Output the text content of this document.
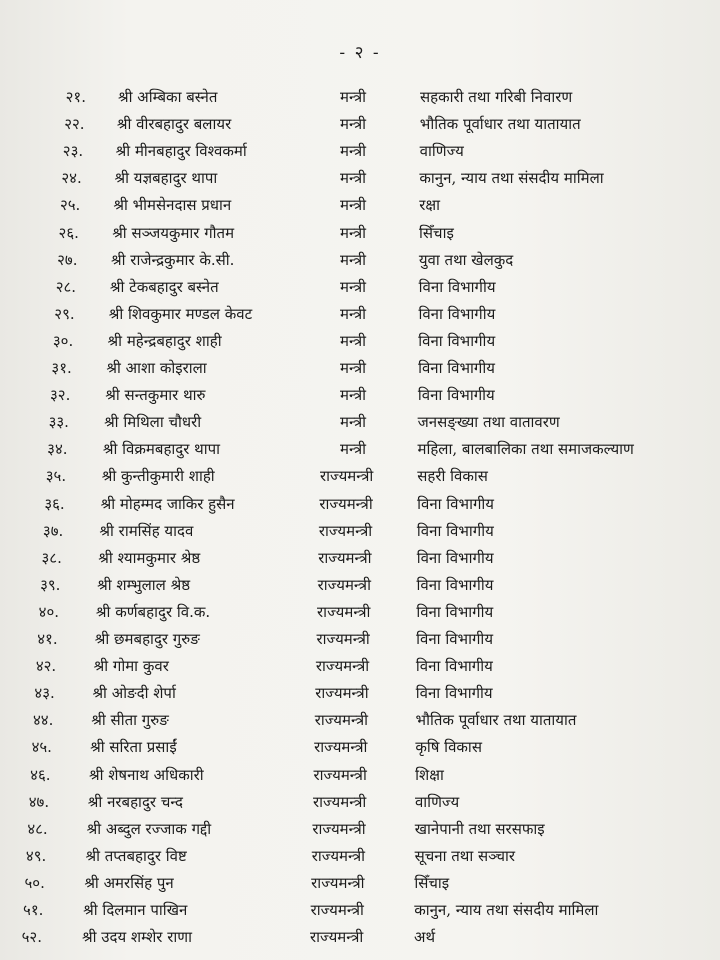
- २ -
२१. श्री अम्बिका बस्नेत	मन्त्री	सहकारी तथा गरिबी निवारण
२२. श्री वीरबहादुर बलायर	मन्त्री	भौतिक पूर्वाधार तथा यातायात
२३. श्री मीनबहादुर विश्वकर्मा	मन्त्री	वाणिज्य
२४. श्री यज्ञबहादुर थापा	मन्त्री	कानुन, न्याय तथा संसदीय मामिला
२५. श्री भीमसेनदास प्रधान	मन्त्री	रक्षा
२६. श्री सञ्जयकुमार गौतम	मन्त्री	सिँचाइ
२७. श्री राजेन्द्रकुमार के.सी.	मन्त्री	युवा तथा खेलकुद
२८. श्री टेकबहादुर बस्नेत	मन्त्री	विना विभागीय
२९. श्री शिवकुमार मण्डल केवट	मन्त्री	विना विभागीय
३०. श्री महेन्द्रबहादुर शाही	मन्त्री	विना विभागीय
३१. श्री आशा कोइराला	मन्त्री	विना विभागीय
३२. श्री सन्तकुमार थारु	मन्त्री	विना विभागीय
३३. श्री मिथिला चौधरी	मन्त्री	जनसङ्ख्या तथा वातावरण
३४. श्री विक्रमबहादुर थापा	मन्त्री	महिला, बालबालिका तथा समाजकल्याण
३५. श्री कुन्तीकुमारी शाही	राज्यमन्त्री	सहरी विकास
३६. श्री मोहम्मद जाकिर हुसैन	राज्यमन्त्री	विना विभागीय
३७. श्री रामसिंह यादव	राज्यमन्त्री	विना विभागीय
३८. श्री श्यामकुमार श्रेष्ठ	राज्यमन्त्री	विना विभागीय
३९. श्री शम्भुलाल श्रेष्ठ	राज्यमन्त्री	विना विभागीय
४०. श्री कर्णबहादुर वि.क.	राज्यमन्त्री	विना विभागीय
४१. श्री छमबहादुर गुरुङ	राज्यमन्त्री	विना विभागीय
४२. श्री गोमा कुवर	राज्यमन्त्री	विना विभागीय
४३.	श्री ओङदी शेर्पा	राज्यमन्त्री	विना विभागीय
४४.	श्री सीता गुरुङ	राज्यमन्त्री	भौतिक पूर्वाधार तथा यातायात
४५.	श्री सरिता प्रसाईं	राज्यमन्त्री	कृषि विकास
४६.	श्री शेषनाथ अधिकारी	राज्यमन्त्री	शिक्षा
४७.	श्री नरबहादुर चन्द	राज्यमन्त्री	वाणिज्य
४८.	श्री अब्दुल रज्जाक गद्दी	राज्यमन्त्री	खानेपानी तथा सरसफाइ
४९.	श्री तप्तबहादुर विष्ट	राज्यमन्त्री	सूचना तथा सञ्चार
५०.	श्री अमरसिंह पुन	राज्यमन्त्री	सिँचाइ
५१.	श्री दिलमान पाखिन	राज्यमन्त्री	कानुन, न्याय तथा संसदीय मामिला
५२.	श्री उदय शम्शेर राणा	राज्यमन्त्री	अर्थ
